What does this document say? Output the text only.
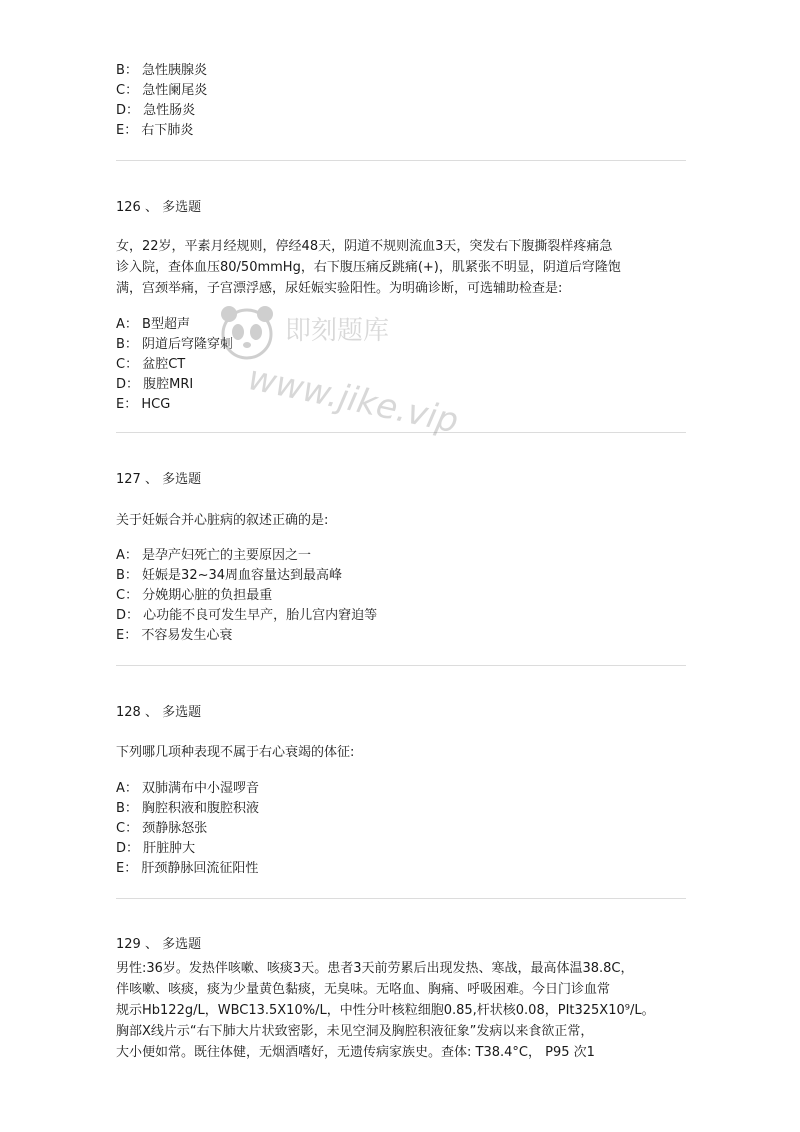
B： 急性胰腺炎
C： 急性阑尾炎
D： 急性肠炎
E： 右下肺炎
126 、 多选题
女，22岁，平素月经规则，停经48天，阴道不规则流血3天，突发右下腹撕裂样疼痛急
诊入院，查体血压80/50mmHg，右下腹压痛反跳痛(+)，肌紧张不明显，阴道后穹隆饱
满，宫颈举痛，子宫漂浮感，尿妊娠实验阳性。为明确诊断，可选辅助检查是:
A： B型超声
B： 阴道后穹隆穿刺
C： 盆腔CT
D： 腹腔MRI
E： HCG
127 、 多选题
关于妊娠合并心脏病的叙述正确的是:
A： 是孕产妇死亡的主要原因之一
B： 妊娠是32~34周血容量达到最高峰
C： 分娩期心脏的负担最重
D： 心功能不良可发生早产，胎儿宫内窘迫等
E： 不容易发生心衰
128 、 多选题
下列哪几项种表现不属于右心衰竭的体征:
A： 双肺满布中小湿啰音
B： 胸腔积液和腹腔积液
C： 颈静脉怒张
D： 肝脏肿大
E： 肝颈静脉回流征阳性
129 、 多选题
男性:36岁。发热伴咳嗽、咳痰3天。患者3天前劳累后出现发热、寒战，最高体温38.8C，
伴咳嗽、咳痰，痰为少量黄色黏痰，无臭味。无咯血、胸痛、呼吸困难。今日门诊血常
规示Hb122g/L，WBC13.5X10%/L，中性分叶核粒细胞0.85,杆状核0.08，PIt325X10⁹/L。
胸部X线片示“右下肺大片状致密影，未见空洞及胸腔积液征象”发病以来食欲正常，
大小便如常。既往体健，无烟酒嗜好，无遗传病家族史。查体: T38.4°C， P95 次1
即刻题库
www.jike.vip
